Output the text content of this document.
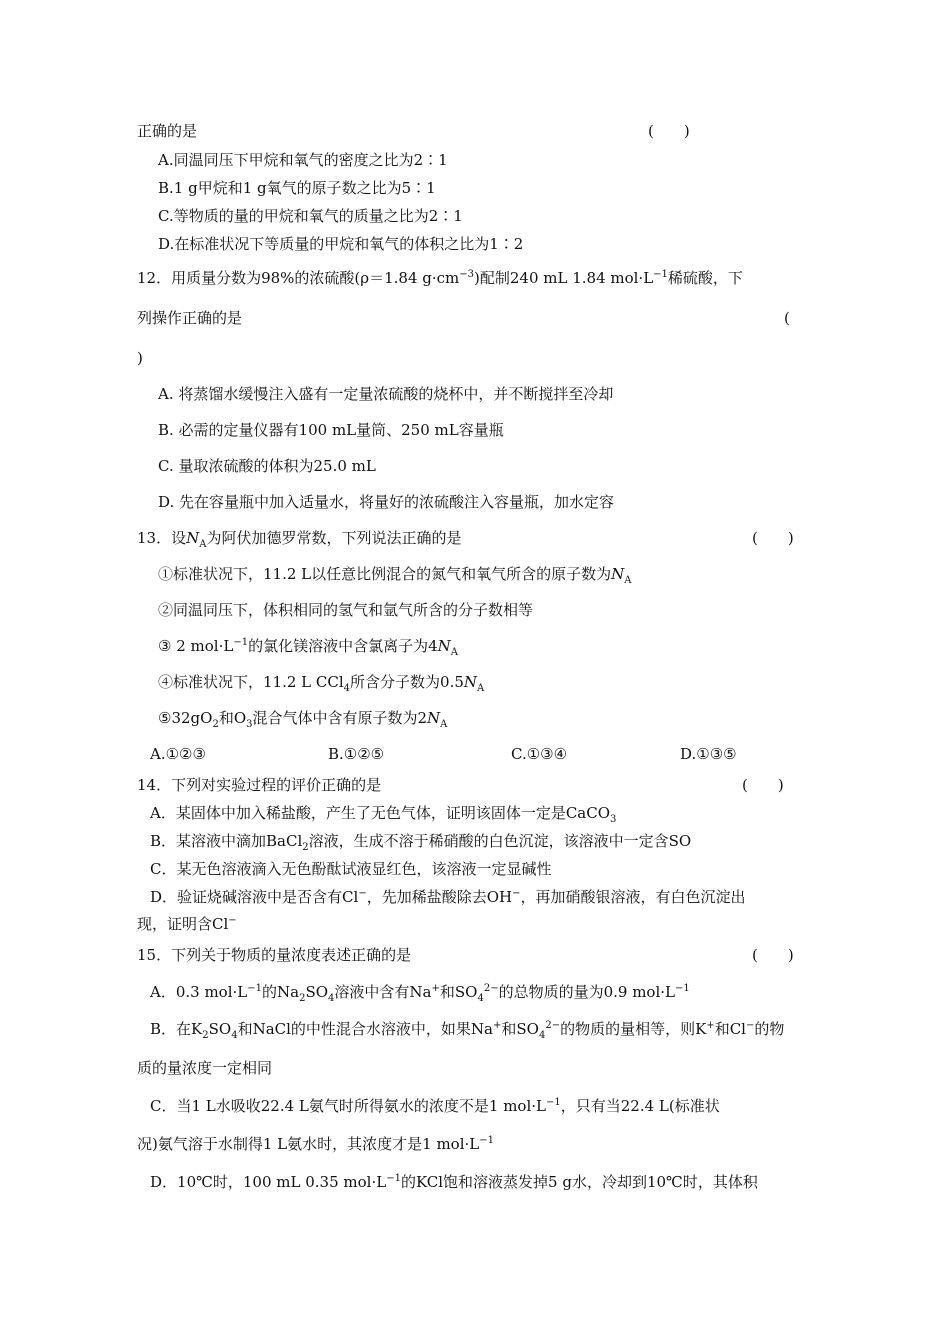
正确的是	(　　)
A.同温同压下甲烷和氧气的密度之比为2∶1
B.1 g甲烷和1 g氧气的原子数之比为5∶1
C.等物质的量的甲烷和氧气的质量之比为2∶1
D.在标准状况下等质量的甲烷和氧气的体积之比为1∶2
12．用质量分数为98%的浓硫酸(ρ＝1.84 $g\cdot cm^{-3}$)配制240 mL 1.84 $mol\cdot L^{-1}$稀硫酸，下
列操作正确的是	(
)
A. 将蒸馏水缓慢注入盛有一定量浓硫酸的烧杯中，并不断搅拌至冷却
B. 必需的定量仪器有100 mL量筒、250 mL容量瓶
C. 量取浓硫酸的体积为25.0 mL
D. 先在容量瓶中加入适量水，将量好的浓硫酸注入容量瓶，加水定容
13．设$N_A$为阿伏加德罗常数，下列说法正确的是	(　　)
①标准状况下，11.2 L以任意比例混合的氮气和氧气所含的原子数为$N_A$
②同温同压下，体积相同的氢气和氩气所含的分子数相等
③ 2 $mol\cdot L^{-1}$的氯化镁溶液中含氯离子为$4N_A$
④标准状况下，11.2 L CCl$_4$所含分子数为$0.5N_A$
$⑤32gO_2$和$O_3$混合气体中含有原子数为$2N_A$
A.①②③	B.①②⑤	C.①③④	D.①③⑤
14．下列对实验过程的评价正确的是	(　　)
A．某固体中加入稀盐酸，产生了无色气体，证明该固体一定是CaCO$_3$
B．某溶液中滴加BaCl$_2$溶液，生成不溶于稀硝酸的白色沉淀，该溶液中一定含SO
C．某无色溶液滴入无色酚酞试液显红色，该溶液一定显碱性
D．验证烧碱溶液中是否含有Cl−，先加稀盐酸除去OH−，再加硝酸银溶液，有白色沉淀出
现，证明含Cl−
15．下列关于物质的量浓度表述正确的是	(　　)
A．0.3 $mol\cdot L^{-1}$的$Na_2SO_4$溶液中含有Na+和$SO_4^{2-}$的总物质的量为0.9 $mol\cdot L^{-1}$
B．在$K_2SO_4$和NaCl的中性混合水溶液中，如果Na+和$SO_4^{2-}$的物质的量相等，则K+和Cl−的物
质的量浓度一定相同
C．当1 L水吸收22.4 L氨气时所得氨水的浓度不是1 $mol\cdot L^{-1}$，只有当22.4 L(标准状
况)氨气溶于水制得1 L氨水时，其浓度才是1 $mol\cdot L^{-1}$
D．10℃时，100 mL 0.35 $mol\cdot L^{-1}$的KCl饱和溶液蒸发掉5 g水，冷却到10℃时，其体积
